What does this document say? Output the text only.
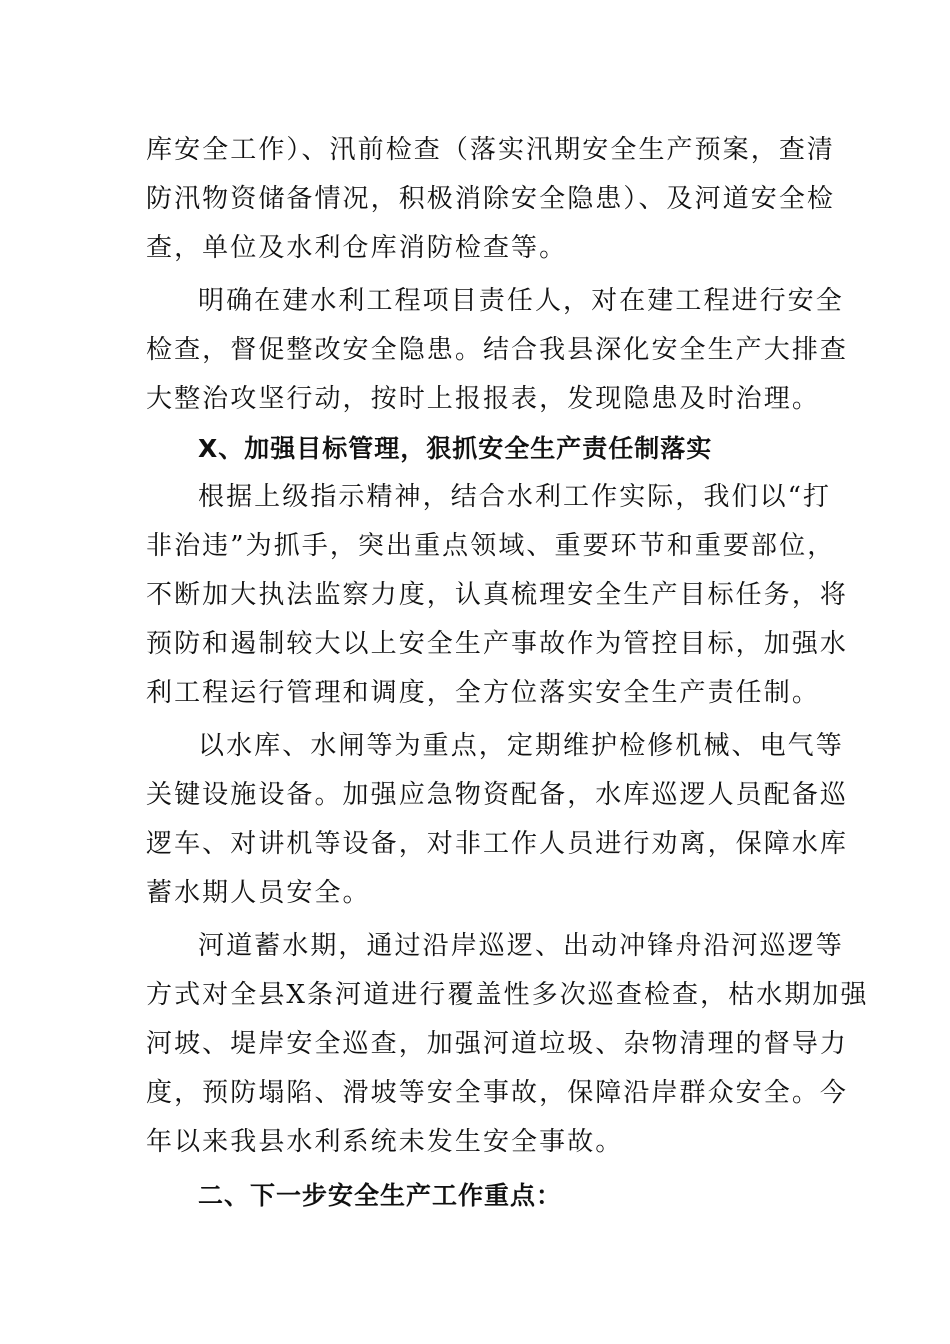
库安全工作）、汛前检查（落实汛期安全生产预案，查清
防汛物资储备情况，积极消除安全隐患）、及河道安全检
查，单位及水利仓库消防检查等。
明确在建水利工程项目责任人，对在建工程进行安全
检查，督促整改安全隐患。结合我县深化安全生产大排查
大整治攻坚行动，按时上报报表，发现隐患及时治理。
X、加强目标管理，狠抓安全生产责任制落实
根据上级指示精神，结合水利工作实际，我们以“打
非治违”为抓手，突出重点领域、重要环节和重要部位，
不断加大执法监察力度，认真梳理安全生产目标任务，将
预防和遏制较大以上安全生产事故作为管控目标，加强水
利工程运行管理和调度，全方位落实安全生产责任制。
以水库、水闸等为重点，定期维护检修机械、电气等
关键设施设备。加强应急物资配备，水库巡逻人员配备巡
逻车、对讲机等设备，对非工作人员进行劝离，保障水库
蓄水期人员安全。
河道蓄水期，通过沿岸巡逻、出动冲锋舟沿河巡逻等
方式对全县X条河道进行覆盖性多次巡查检查，枯水期加强
河坡、堤岸安全巡查，加强河道垃圾、杂物清理的督导力
度，预防塌陷、滑坡等安全事故，保障沿岸群众安全。今
年以来我县水利系统未发生安全事故。
二、下一步安全生产工作重点：
